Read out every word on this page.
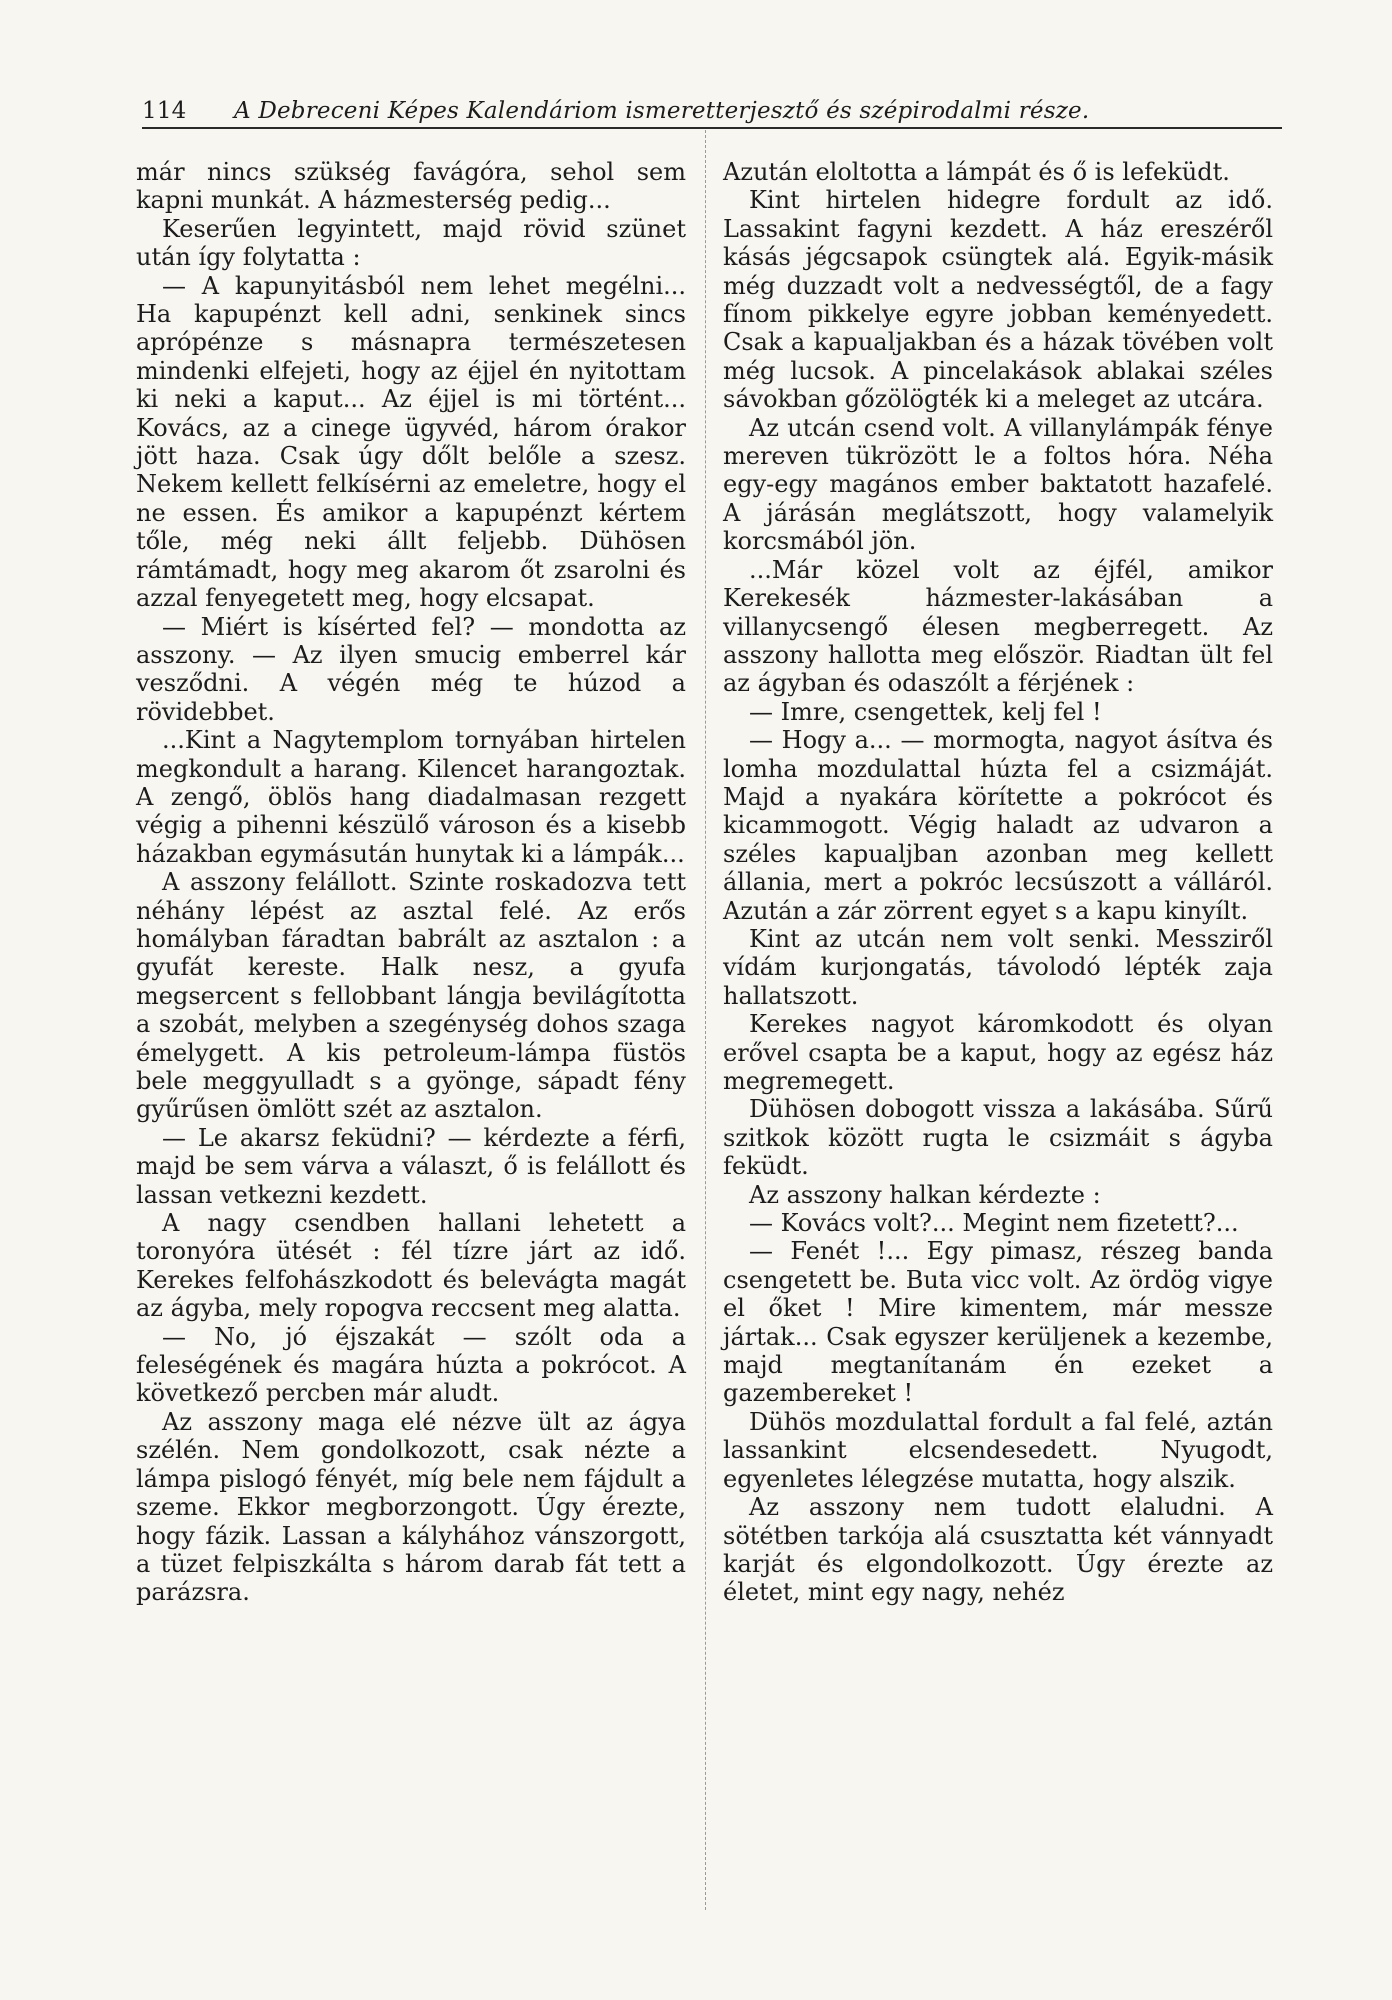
114 A Debreceni Képes Kalendáriom ismeretterjesztő és szépirodalmi része.

már nincs szükség favágóra, sehol sem kapni munkát. A házmesterség pedig...

Keserűen legyintett, majd rövid szünet után így folytatta :

— A kapunyitásból nem lehet megélni... Ha kapupénzt kell adni, senkinek sincs aprópénze s másnapra természetesen mindenki elfejeti, hogy az éjjel én nyitottam ki neki a kaput... Az éjjel is mi történt... Kovács, az a cinege ügyvéd, három órakor jött haza. Csak úgy dőlt belőle a szesz. Nekem kellett felkísérni az emeletre, hogy el ne essen. És amikor a kapupénzt kértem tőle, még neki állt feljebb. Dühösen rámtámadt, hogy meg akarom őt zsarolni és azzal fenyegetett meg, hogy elcsapat.

— Miért is kísérted fel? — mondotta az asszony. — Az ilyen smucig emberrel kár vesződni. A végén még te húzod a rövidebbet.

...Kint a Nagytemplom tornyában hirtelen megkondult a harang. Kilencet harangoztak. A zengő, öblös hang diadalmasan rezgett végig a pihenni készülő városon és a kisebb házakban egymásután hunytak ki a lámpák...

A asszony felállott. Szinte roskadozva tett néhány lépést az asztal felé. Az erős homályban fáradtan babrált az asztalon : a gyufát kereste. Halk nesz, a gyufa megsercent s fellobbant lángja bevilágította a szobát, melyben a szegénység dohos szaga émelygett. A kis petroleum-lámpa füstös bele meggyulladt s a gyönge, sápadt fény gyűrűsen ömlött szét az asztalon.

— Le akarsz feküdni? — kérdezte a férfi, majd be sem várva a választ, ő is felállott és lassan vetkezni kezdett.

A nagy csendben hallani lehetett a toronyóra ütését : fél tízre járt az idő. Kerekes felfohászkodott és belevágta magát az ágyba, mely ropogva reccsent meg alatta.

— No, jó éjszakát — szólt oda a feleségének és magára húzta a pokrócot. A következő percben már aludt.

Az asszony maga elé nézve ült az ágya szélén. Nem gondolkozott, csak nézte a lámpa pislogó fényét, míg bele nem fájdult a szeme. Ekkor megborzongott. Úgy érezte, hogy fázik. Lassan a kályhához vánszorgott, a tüzet felpiszkálta s három darab fát tett a parázsra.

Azután eloltotta a lámpát és ő is lefeküdt.

Kint hirtelen hidegre fordult az idő. Lassakint fagyni kezdett. A ház ereszéről kásás jégcsapok csüngtek alá. Egyik-másik még duzzadt volt a nedvességtől, de a fagy fínom pikkelye egyre jobban keményedett. Csak a kapualjakban és a házak tövében volt még lucsok. A pincelakások ablakai széles sávokban gőzölögték ki a meleget az utcára.

Az utcán csend volt. A villanylámpák fénye mereven tükrözött le a foltos hóra. Néha egy-egy magános ember baktatott hazafelé. A járásán meglátszott, hogy valamelyik korcsmából jön.

...Már közel volt az éjfél, amikor Kerekesék házmester-lakásában a villanycsengő élesen megberregett. Az asszony hallotta meg először. Riadtan ült fel az ágyban és odaszólt a férjének :

— Imre, csengettek, kelj fel !

— Hogy a... — mormogta, nagyot ásítva és lomha mozdulattal húzta fel a csizmáját. Majd a nyakára körítette a pokrócot és kicammogott. Végig haladt az udvaron a széles kapualjban azonban meg kellett állania, mert a pokróc lecsúszott a válláról. Azután a zár zörrent egyet s a kapu kinyílt.

Kint az utcán nem volt senki. Messziről vídám kurjongatás, távolodó lépték zaja hallatszott.

Kerekes nagyot káromkodott és olyan erővel csapta be a kaput, hogy az egész ház megremegett.

Dühösen dobogott vissza a lakásába. Sűrű szitkok között rugta le csizmáit s ágyba feküdt.

Az asszony halkan kérdezte :

— Kovács volt?... Megint nem fizetett?...

— Fenét !... Egy pimasz, részeg banda csengetett be. Buta vicc volt. Az ördög vigye el őket ! Mire kimentem, már messze jártak... Csak egyszer kerüljenek a kezembe, majd megtanítanám én ezeket a gazembereket !

Dühös mozdulattal fordult a fal felé, aztán lassankint elcsendesedett. Nyugodt, egyenletes lélegzése mutatta, hogy alszik.

Az asszony nem tudott elaludni. A sötétben tarkója alá csusztatta két vánnyadt karját és elgondolkozott. Úgy érezte az életet, mint egy nagy, nehéz
